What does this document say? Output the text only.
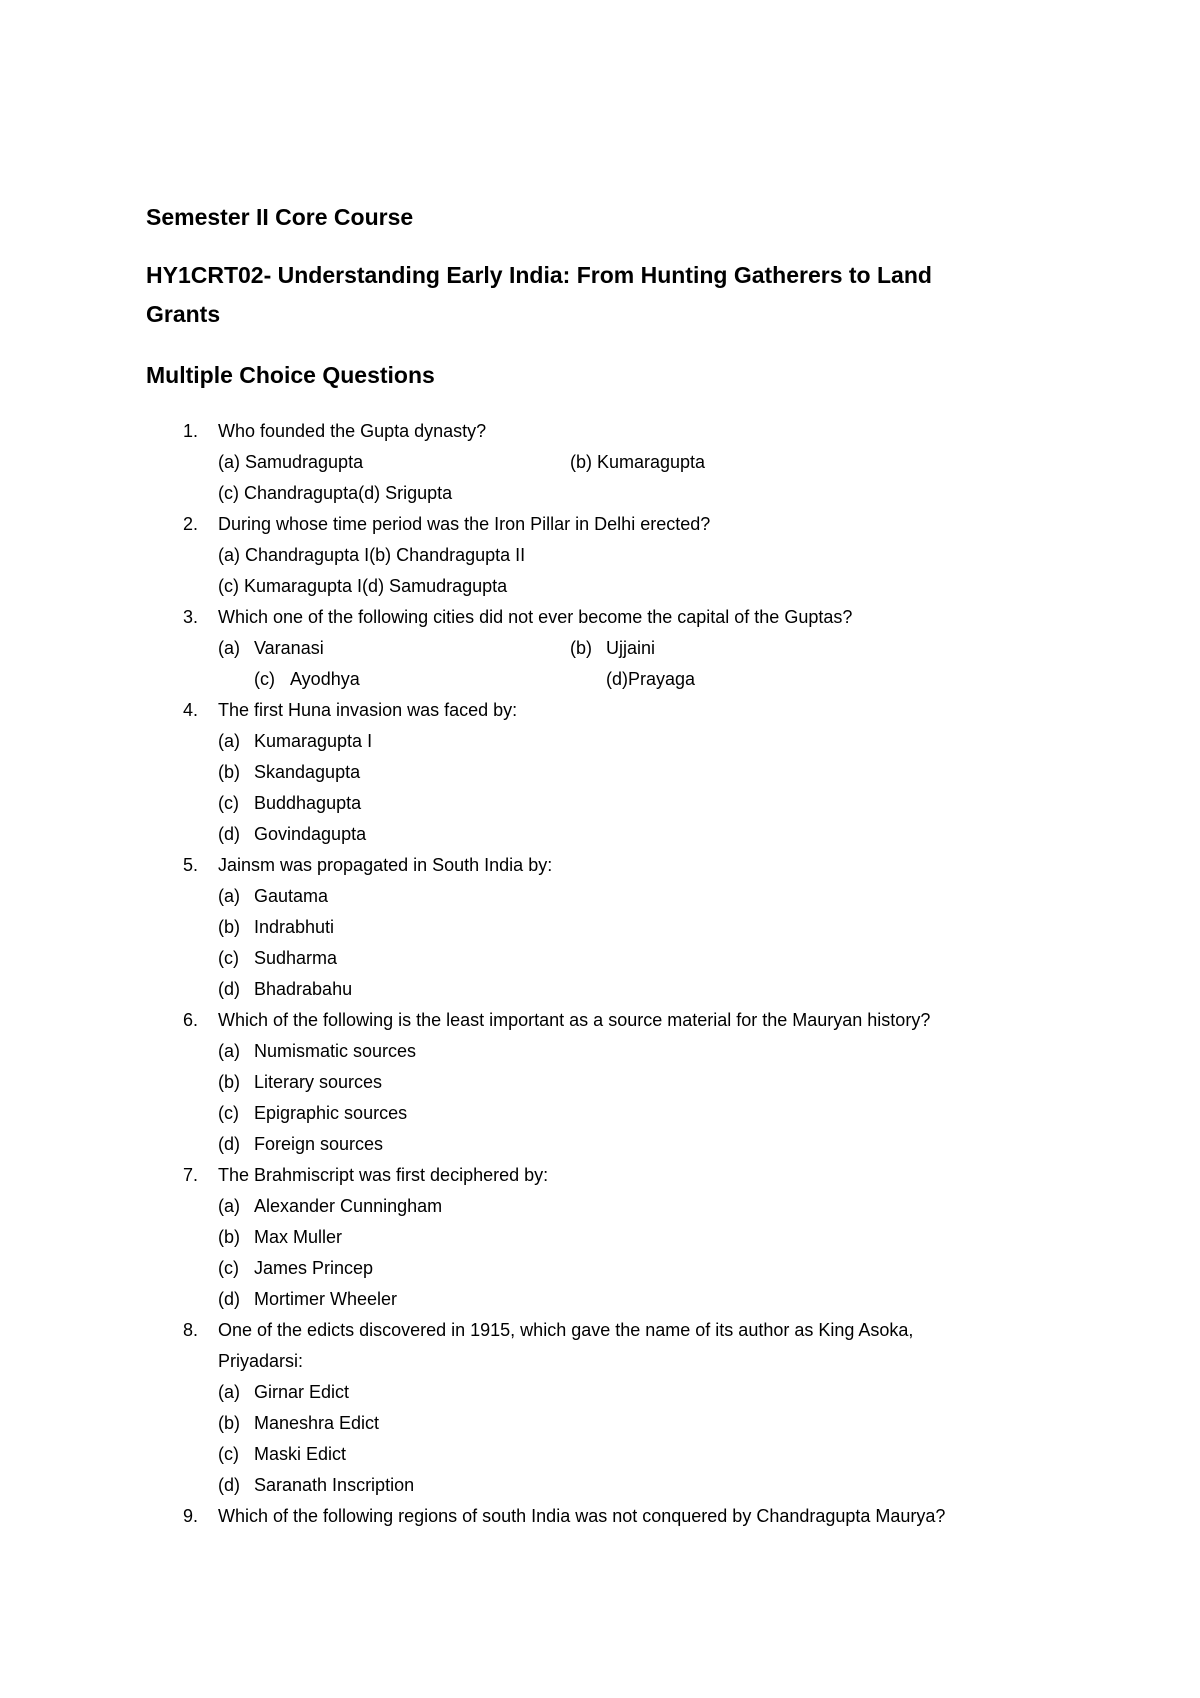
Semester II Core Course
HY1CRT02- Understanding Early India: From Hunting Gatherers to Land
Grants
Multiple Choice Questions
1. Who founded the Gupta dynasty?
(a) Samudragupta	(b) Kumaragupta
(c) Chandragupta(d) Srigupta
2. During whose time period was the Iron Pillar in Delhi erected?
(a) Chandragupta I(b) Chandragupta II
(c) Kumaragupta I(d) Samudragupta
3. Which one of the following cities did not ever become the capital of the Guptas?
(a) Varanasi	(b) Ujjaini
(c) Ayodhya	(d)Prayaga
4. The first Huna invasion was faced by:
(a) Kumaragupta I
(b) Skandagupta
(c) Buddhagupta
(d) Govindagupta
5. Jainsm was propagated in South India by:
(a) Gautama
(b) Indrabhuti
(c) Sudharma
(d) Bhadrabahu
6. Which of the following is the least important as a source material for the Mauryan history?
(a) Numismatic sources
(b) Literary sources
(c) Epigraphic sources
(d) Foreign sources
7. The Brahmiscript was first deciphered by:
(a) Alexander Cunningham
(b) Max Muller
(c) James Princep
(d) Mortimer Wheeler
8. One of the edicts discovered in 1915, which gave the name of its author as King Asoka,
Priyadarsi:
(a) Girnar Edict
(b) Maneshra Edict
(c) Maski Edict
(d) Saranath Inscription
9. Which of the following regions of south India was not conquered by Chandragupta Maurya?
